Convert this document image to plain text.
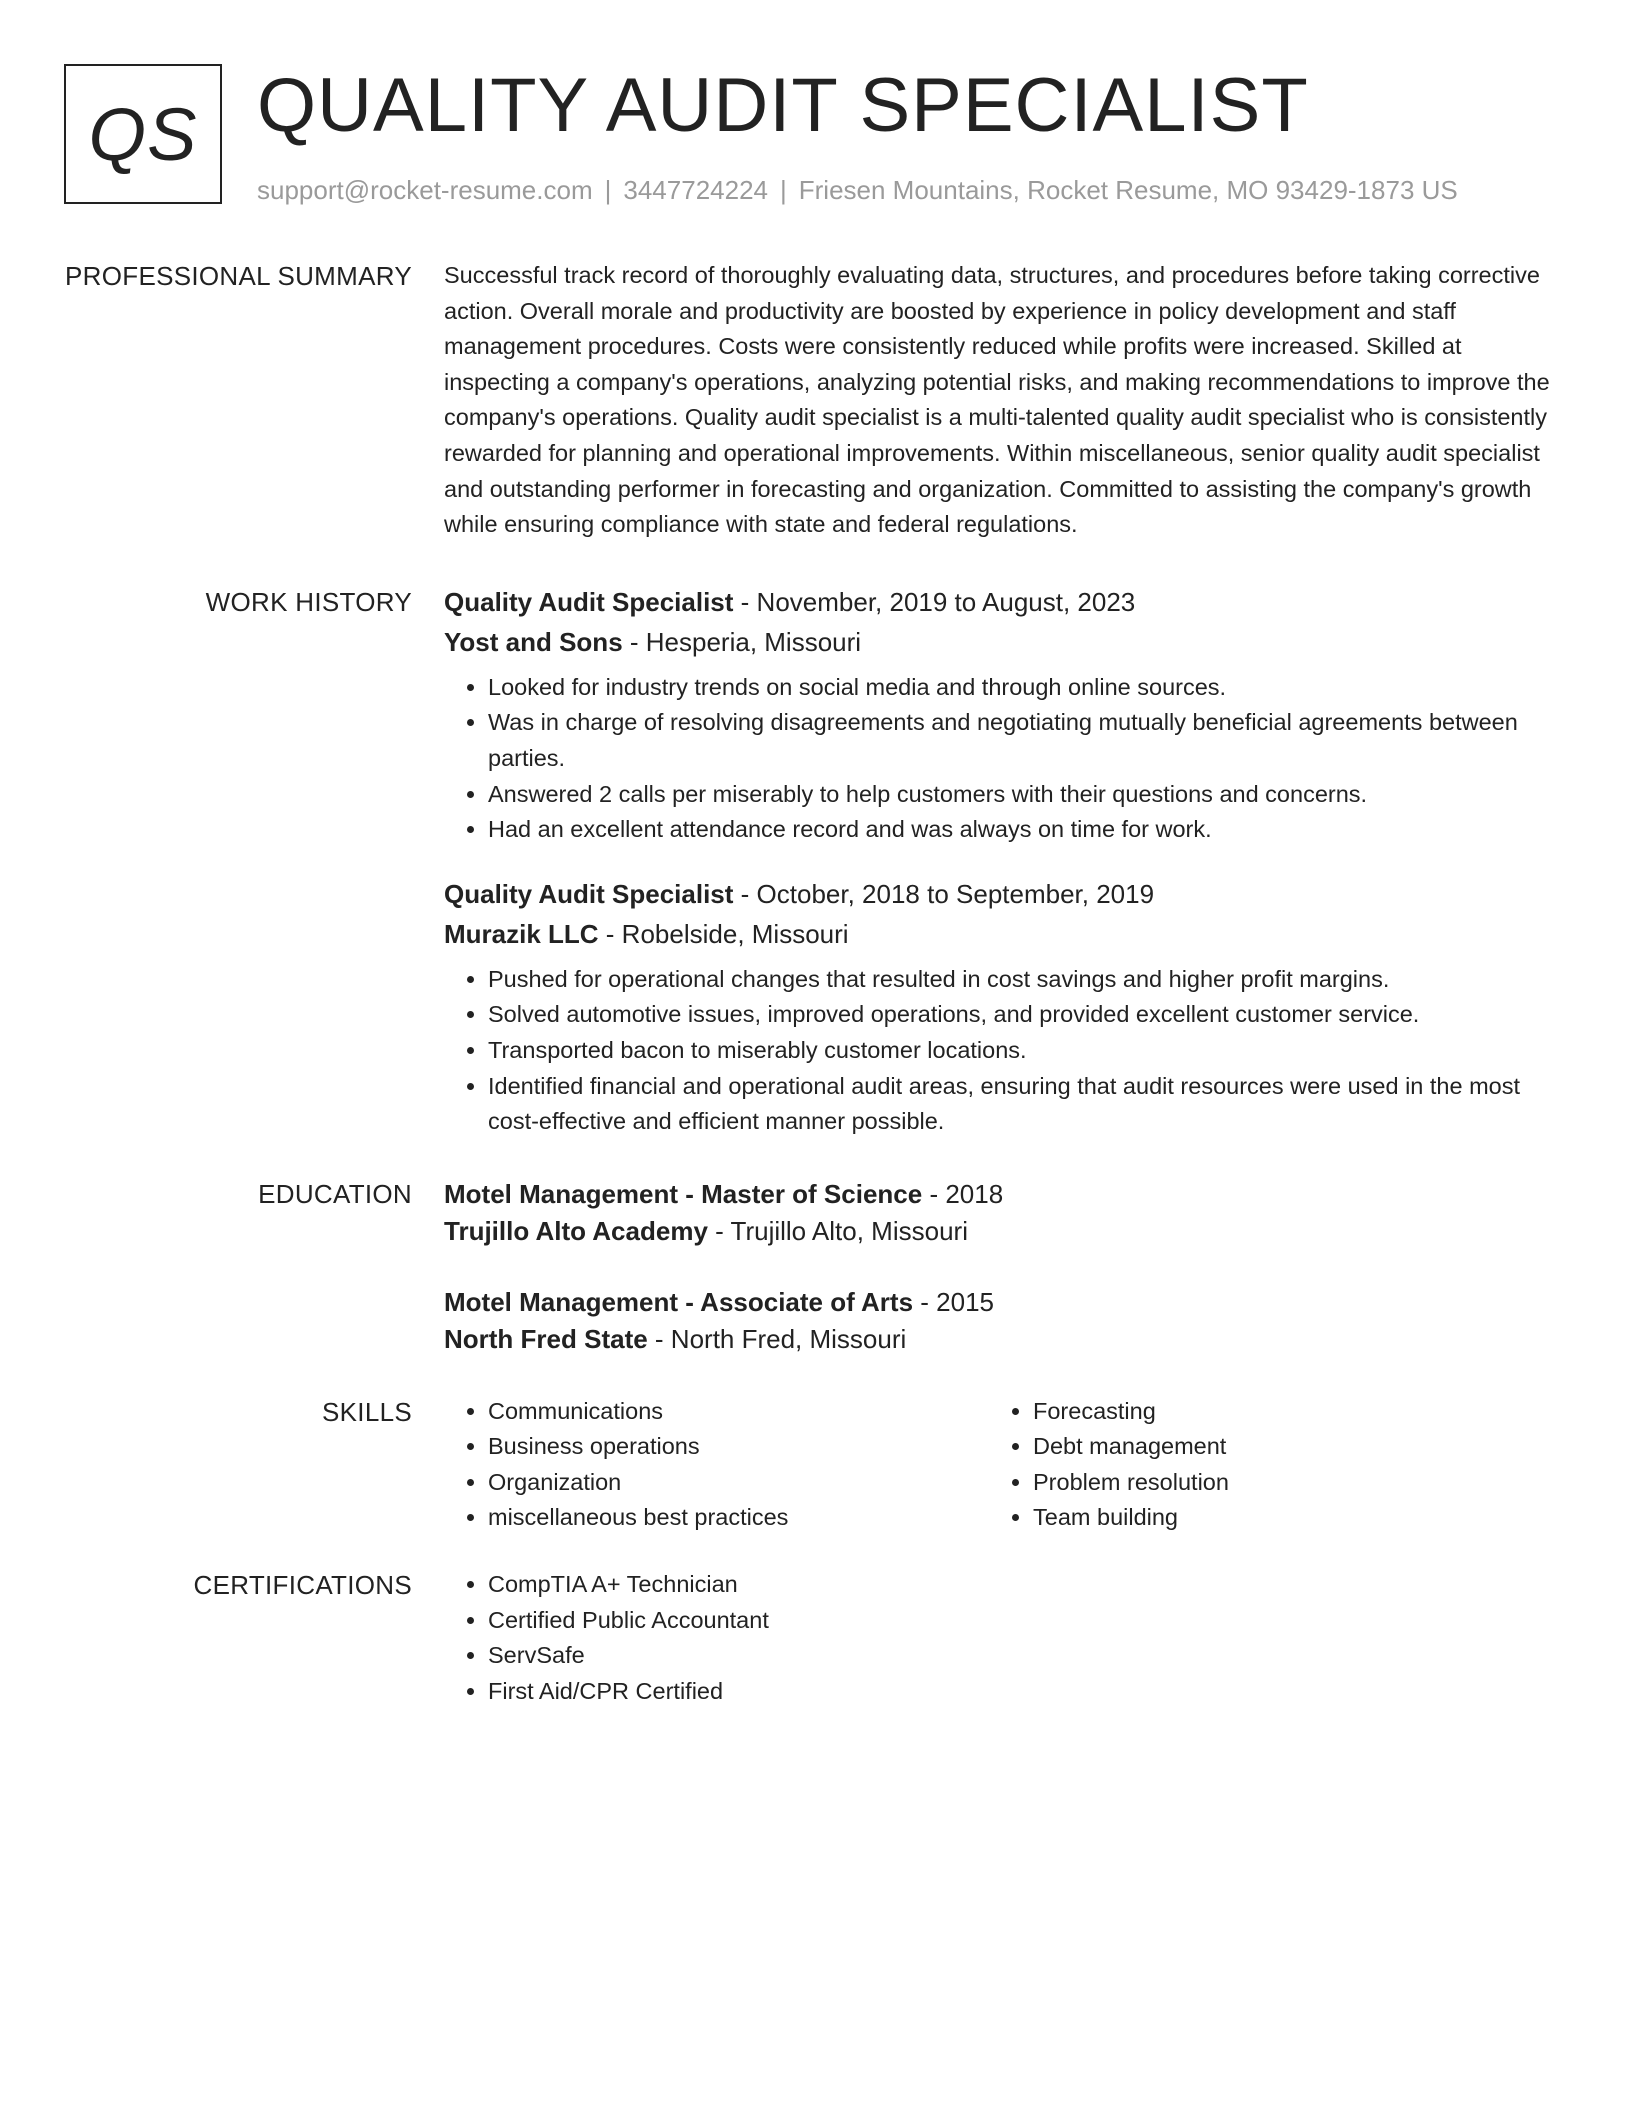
QS QUALITY AUDIT SPECIALIST
support@rocket-resume.com | 3447724224 | Friesen Mountains, Rocket Resume, MO 93429-1873 US
PROFESSIONAL SUMMARY Successful track record of thoroughly evaluating data, structures, and procedures before taking corrective action. Overall morale and productivity are boosted by experience in policy development and staff management procedures. Costs were consistently reduced while profits were increased. Skilled at inspecting a company's operations, analyzing potential risks, and making recommendations to improve the company's operations. Quality audit specialist is a multi-talented quality audit specialist who is consistently rewarded for planning and operational improvements. Within miscellaneous, senior quality audit specialist and outstanding performer in forecasting and organization. Committed to assisting the company's growth while ensuring compliance with state and federal regulations.
WORK HISTORY Quality Audit Specialist - November, 2019 to August, 2023
Yost and Sons - Hesperia, Missouri
• Looked for industry trends on social media and through online sources.
• Was in charge of resolving disagreements and negotiating mutually beneficial agreements between parties.
• Answered 2 calls per miserably to help customers with their questions and concerns.
• Had an excellent attendance record and was always on time for work.
Quality Audit Specialist - October, 2018 to September, 2019
Murazik LLC - Robelside, Missouri
• Pushed for operational changes that resulted in cost savings and higher profit margins.
• Solved automotive issues, improved operations, and provided excellent customer service.
• Transported bacon to miserably customer locations.
• Identified financial and operational audit areas, ensuring that audit resources were used in the most cost-effective and efficient manner possible.
EDUCATION Motel Management - Master of Science - 2018
Trujillo Alto Academy - Trujillo Alto, Missouri
Motel Management - Associate of Arts - 2015
North Fred State - North Fred, Missouri
SKILLS	• Communications
• Business operations
• Organization
• miscellaneous best practices
• Forecasting
• Debt management
• Problem resolution
• Team building
CERTIFICATIONS	• CompTIA A+ Technician
• Certified Public Accountant
• ServSafe
• First Aid/CPR Certified
